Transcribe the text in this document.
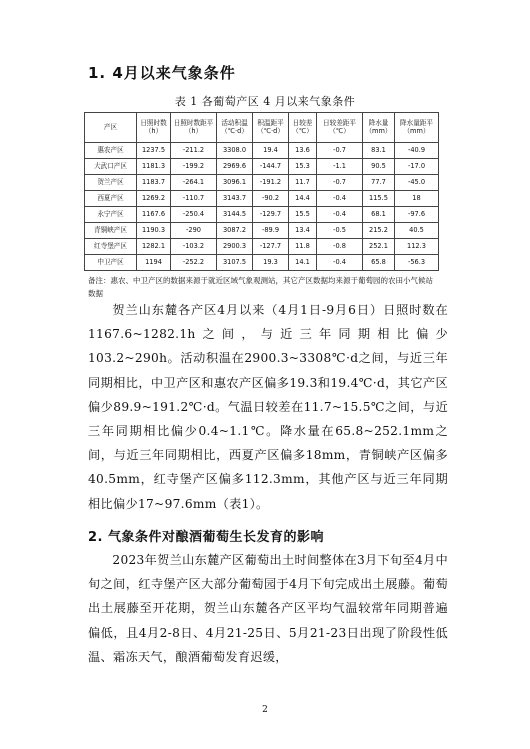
1. 4月以来气象条件
表 1 各葡萄产区 4 月以来气象条件
产区	日照时数（h）	日照时数距平（h）	活动积温（℃·d）	积温距平（℃·d）	日较差（℃）	日较差距平（℃）	降水量（mm）	降水量距平（mm）
惠农产区	1237.5	-211.2	3308.0	19.4	13.6	-0.7	83.1	-40.9
大武口产区	1181.3	-199.2	2969.6	-144.7	15.3	-1.1	90.5	-17.0
贺兰产区	1183.7	-264.1	3096.1	-191.2	11.7	-0.7	77.7	-45.0
西夏产区	1269.2	-110.7	3143.7	-90.2	14.4	-0.4	115.5	18
永宁产区	1167.6	-250.4	3144.5	-129.7	15.5	-0.4	68.1	-97.6
青铜峡产区	1190.3	-290	3087.2	-89.9	13.4	-0.5	215.2	40.5
红寺堡产区	1282.1	-103.2	2900.3	-127.7	11.8	-0.8	252.1	112.3
中卫产区	1194	-252.2	3107.5	19.3	14.1	-0.4	65.8	-56.3
备注：惠农、中卫产区的数据来源于就近区域气象观测站，其它产区数据均来源于葡萄园的农田小气候站数据

贺兰山东麓各产区4月以来（4月1日-9月6日）日照时数在1167.6~1282.1h之间，与近三年同期相比偏少103.2~290h。活动积温在2900.3~3308℃·d之间，与近三年同期相比，中卫产区和惠农产区偏多19.3和19.4℃·d，其它产区偏少89.9~191.2℃·d。气温日较差在11.7~15.5℃之间，与近三年同期相比偏少0.4~1.1℃。降水量在65.8~252.1mm之间，与近三年同期相比，西夏产区偏多18mm，青铜峡产区偏多40.5mm，红寺堡产区偏多112.3mm，其他产区与近三年同期相比偏少17~97.6mm（表1）。

2. 气象条件对酿酒葡萄生长发育的影响

2023年贺兰山东麓产区葡萄出土时间整体在3月下旬至4月中旬之间，红寺堡产区大部分葡萄园于4月下旬完成出土展藤。葡萄出土展藤至开花期，贺兰山东麓各产区平均气温较常年同期普遍偏低，且4月2-8日、4月21-25日、5月21-23日出现了阶段性低温、霜冻天气，酿酒葡萄发育迟缓，

2
